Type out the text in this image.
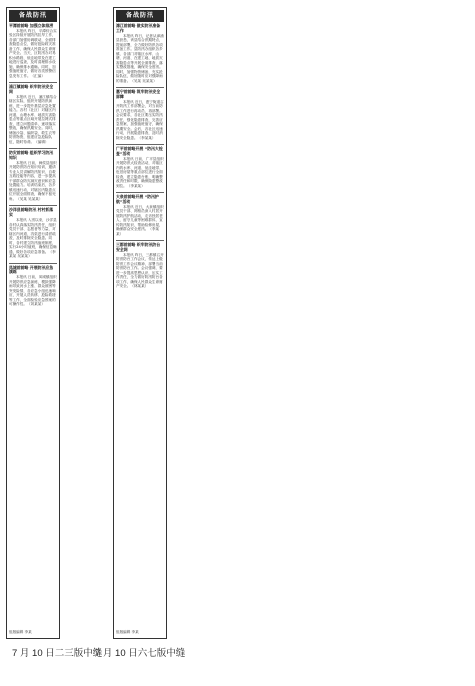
备战防汛
平潭前前略 加强立体排涝
本报讯 昨日，平潭综合实验区持续开展防汛抗旱工作，各部门加强协调联动，全面排查隐患点位，做好抢险救灾准备工作，确保人民群众生命财产安全。当天，区防汛办对易积水路段、低洼地带及在建工地进行巡查，及时清理排水设施，确保排水通畅。同时，加强值班值守，做好各类预警信息发布工作。（汇编）
浦江镇前略 织牢防汛安全网
本报讯 近日，浦江镇结合辖区实际，组织开展防汛演练，进一步提升基层应急处置能力。各村（社区）对辖区内河道、山塘水库、地质灾害隐患点等重点区域开展拉网式排查，建立问题清单，逐项落实整改，确保汛期安全。同时，储备沙袋、编织袋、救生衣等防汛物资，组建应急抢险队伍，随时待命。（编辑）
防灾前前略 组织学习防汛知识
本报讯 日前，闽侯县组织开展防汛防台知识培训，邀请专业人员讲解防汛知识、自救互救技能等内容，进一步提高干部群众防灾减灾意识和应急处置能力。培训结束后，各乡镇迅速行动，对辖区内隐患点位开展全面排查，确保不留死角。（吴某 吴某某）
沙洋县前略防汛 村村抓落实
本报讯 入汛以来，沙洋县各村认真落实防汛责任，组织党员干部、志愿者等力量，对辖区内河道、沟渠进行清淤疏浚，及时排除安全隐患。同时，各村建立防汛值班制度，实行24小时值班，确保信息畅通，做好各项应急准备。（李某某 吴某某）
凤城前前略 开展防汛应急演练
本报讯 日前，凤城镇组织开展防汛应急演练，模拟强降雨导致河水上涨、群众被困等突发险情，各应急小组迅速响应，开展人员转移、抢险救援等工作，全面检验应急预案的可操作性。（刘某某）
组版编辑 李某
备战防汛
漳江前前略 做实防汛准备工作
本报讯 昨日，记者从漳浦县获悉，该县结合汛期特点，提前部署，全力做好防汛各项准备工作。县防汛办组织各乡镇、各部门对辖区水库、山塘、河道、在建工地、地质灾害隐患点等开展全面排查，落实整改措施，确保安全度汛。同时，加强物资储备，充实抢险队伍，做好随时应对强降雨的准备。（吴某 吴某某）
惠宁前前略 筑牢防汛安全屏障
本报讯 近日，惠宁街道召开防汛工作部署会，对当前防汛工作进行再动员、再部署。会议要求，各社区要压实防汛责任，强化隐患排查，完善应急预案，加强值班值守，确保汛期安全。会后，各社区迅速行动，开展隐患排查，及时消除安全隐患。（李某某）
广平前前略开展 “防汛大检查”活动
本报讯 日前，广平县组织开展防汛大检查活动，对辖区内的水库、河道、低洼地带、危旧房屋等重点部位进行全面检查，建立隐患台账，明确整改责任和时限，确保隐患整改到位。（李某某）
大泉前前略开展 “防汛护航”活动
本报讯 近日，大泉镇组织党员干部、网格员深入村居开展防汛护航活动，走访独居老人、留守儿童等困难群体，宣传防汛知识，帮助检修房屋，确保群众安全度汛。（李某某）
三都前前略 织牢防汛防台安全网
本报讯 昨日，三都镇召开防汛防台工作会议，传达上级防汛工作会议精神，部署当前防汛防台工作。会议强调，要进一步提高思想认识，压实工作责任，全力做好防汛防台各项工作，确保人民群众生命财产安全。（林某某）
组版编辑 李某
7 月 10 日二三版中缝
7 月 10 日六七版中缝
